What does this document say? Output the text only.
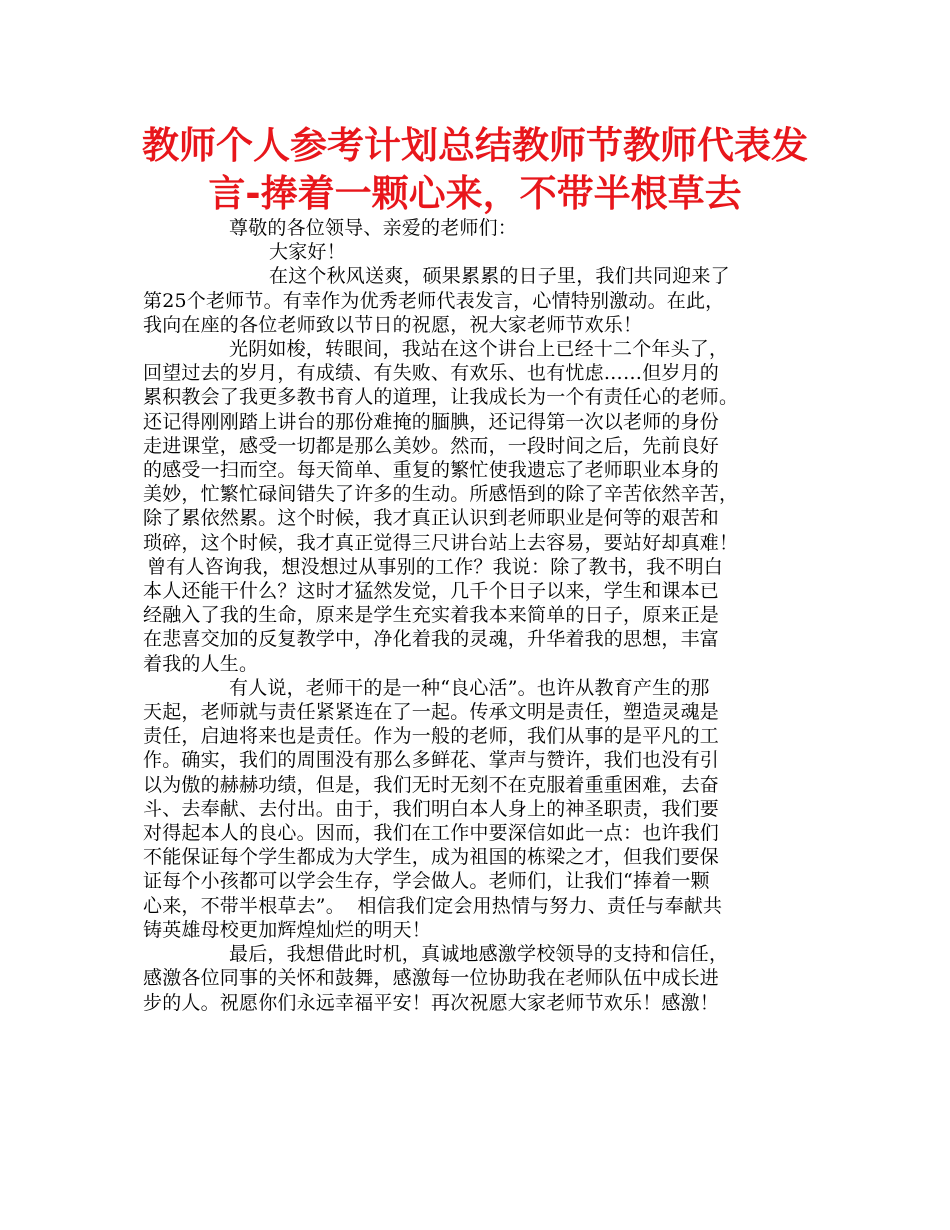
教师个人参考计划总结教师节教师代表发
言-捧着一颗心来，不带半根草去
尊敬的各位领导、亲爱的老师们：
大家好！
在这个秋风送爽，硕果累累的日子里，我们共同迎来了
第25个老师节。有幸作为优秀老师代表发言，心情特别激动。在此，
我向在座的各位老师致以节日的祝愿，祝大家老师节欢乐！
光阴如梭，转眼间，我站在这个讲台上已经十二个年头了，
回望过去的岁月，有成绩、有失败、有欢乐、也有忧虑……但岁月的
累积教会了我更多教书育人的道理，让我成长为一个有责任心的老师。
还记得刚刚踏上讲台的那份难掩的腼腆，还记得第一次以老师的身份
走进课堂，感受一切都是那么美妙。然而，一段时间之后，先前良好
的感受一扫而空。每天简单、重复的繁忙使我遗忘了老师职业本身的
美妙，忙繁忙碌间错失了许多的生动。所感悟到的除了辛苦依然辛苦，
除了累依然累。这个时候，我才真正认识到老师职业是何等的艰苦和
琐碎，这个时候，我才真正觉得三尺讲台站上去容易，要站好却真难！
曾有人咨询我，想没想过从事别的工作？我说：除了教书，我不明白
本人还能干什么？这时才猛然发觉，几千个日子以来，学生和课本已
经融入了我的生命，原来是学生充实着我本来简单的日子，原来正是
在悲喜交加的反复教学中，净化着我的灵魂，升华着我的思想，丰富
着我的人生。
有人说，老师干的是一种“良心活”。也许从教育产生的那
天起，老师就与责任紧紧连在了一起。传承文明是责任，塑造灵魂是
责任，启迪将来也是责任。作为一般的老师，我们从事的是平凡的工
作。确实，我们的周围没有那么多鲜花、掌声与赞许，我们也没有引
以为傲的赫赫功绩，但是，我们无时无刻不在克服着重重困难，去奋
斗、去奉献、去付出。由于，我们明白本人身上的神圣职责，我们要
对得起本人的良心。因而，我们在工作中要深信如此一点：也许我们
不能保证每个学生都成为大学生，成为祖国的栋梁之才，但我们要保
证每个小孩都可以学会生存，学会做人。老师们，让我们“捧着一颗
心来，不带半根草去”。  相信我们定会用热情与努力、责任与奉献共
铸英雄母校更加辉煌灿烂的明天！
最后，我想借此时机，真诚地感激学校领导的支持和信任，
感激各位同事的关怀和鼓舞，感激每一位协助我在老师队伍中成长进
步的人。祝愿你们永远幸福平安！再次祝愿大家老师节欢乐！感激！
